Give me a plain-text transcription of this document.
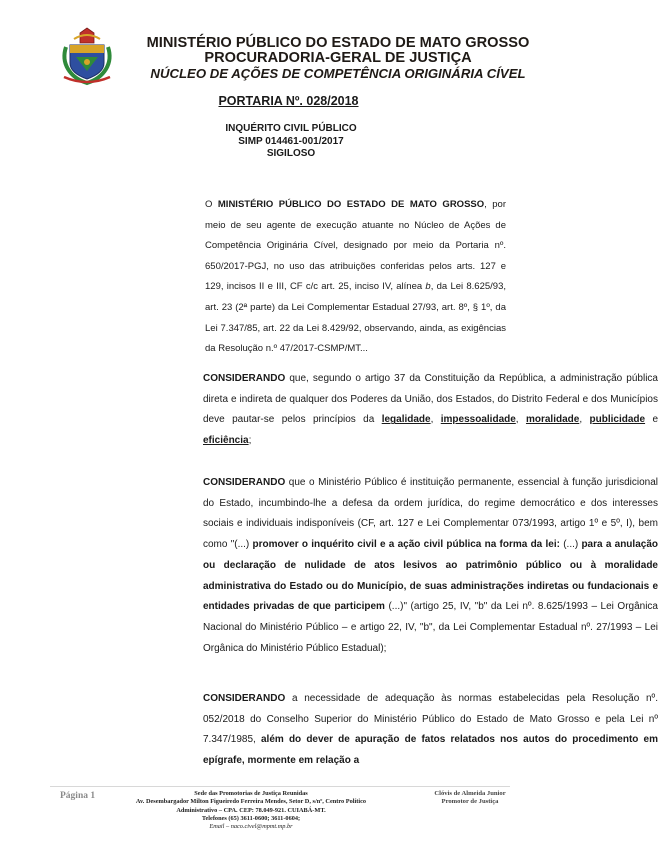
MINISTÉRIO PÚBLICO DO ESTADO DE MATO GROSSO
PROCURADORIA-GERAL DE JUSTIÇA
NÚCLEO DE AÇÕES DE COMPETÊNCIA ORIGINÁRIA CÍVEL
PORTARIA Nº. 028/2018
INQUÉRITO CIVIL PÚBLICO
SIMP 014461-001/2017
SIGILOSO
O MINISTÉRIO PÚBLICO DO ESTADO DE MATO GROSSO, por meio de seu agente de execução atuante no Núcleo de Ações de Competência Originária Cível, designado por meio da Portaria nº. 650/2017-PGJ, no uso das atribuições conferidas pelos arts. 127 e 129, incisos II e III, CF c/c art. 25, inciso IV, alínea b, da Lei 8.625/93, art. 23 (2ª parte) da Lei Complementar Estadual 27/93, art. 8º, § 1º, da Lei 7.347/85, art. 22 da Lei 8.429/92, observando, ainda, as exigências da Resolução n.º 47/2017-CSMP/MT...
CONSIDERANDO que, segundo o artigo 37 da Constituição da República, a administração pública direta e indireta de qualquer dos Poderes da União, dos Estados, do Distrito Federal e dos Municípios deve pautar-se pelos princípios da legalidade, impessoalidade, moralidade, publicidade e eficiência;
CONSIDERANDO que o Ministério Público é instituição permanente, essencial à função jurisdicional do Estado, incumbindo-lhe a defesa da ordem jurídica, do regime democrático e dos interesses sociais e individuais indisponíveis (CF, art. 127 e Lei Complementar 073/1993, artigo 1º e 5º, I), bem como "(...) promover o inquérito civil e a ação civil pública na forma da lei: (...) para a anulação ou declaração de nulidade de atos lesivos ao patrimônio público ou à moralidade administrativa do Estado ou do Município, de suas administrações indiretas ou fundacionais e entidades privadas de que participem (...)" (artigo 25, IV, "b" da Lei nº. 8.625/1993 – Lei Orgânica Nacional do Ministério Público – e artigo 22, IV, "b", da Lei Complementar Estadual nº. 27/1993 – Lei Orgânica do Ministério Público Estadual);
CONSIDERANDO a necessidade de adequação às normas estabelecidas pela Resolução nº. 052/2018 do Conselho Superior do Ministério Público do Estado de Mato Grosso e pela Lei nº 7.347/1985, além do dever de apuração de fatos relatados nos autos do procedimento em epígrafe, mormente em relação a
Página 1	Sede das Promotorias de Justiça Reunidas
Av. Desembargador Milton Figueiredo Ferreira Mendes, Setor D, s/nº, Centro Político
Administrativo – CPA. CEP: 78.049-921. CUIABÁ-MT.
Telefones (65) 3611-0600; 3611-0604;
Email – naco.civel@mpmt.mp.br
Clóvis de Almeida Junior
Promotor de Justiça
